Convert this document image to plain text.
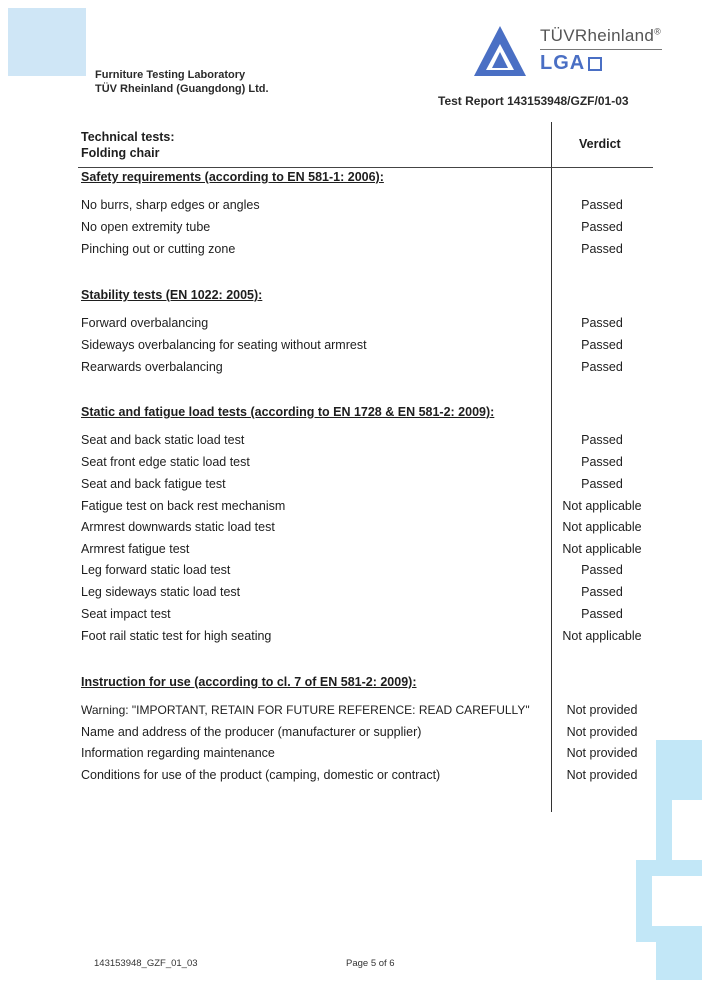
Furniture Testing Laboratory
TÜV Rheinland (Guangdong) Ltd.
TÜVRheinland®
LGA
Test Report 143153948/GZF/01-03
Technical tests:
Folding chair
Verdict
Safety requirements (according to EN 581-1: 2006):
No burrs, sharp edges or angles	Passed
No open extremity tube	Passed
Pinching out or cutting zone	Passed
Stability tests (EN 1022: 2005):
Forward overbalancing	Passed
Sideways overbalancing for seating without armrest	Passed
Rearwards overbalancing	Passed
Static and fatigue load tests (according to EN 1728 & EN 581-2: 2009):
Seat and back static load test	Passed
Seat front edge static load test	Passed
Seat and back fatigue test	Passed
Fatigue test on back rest mechanism	Not applicable
Armrest downwards static load test	Not applicable
Armrest fatigue test	Not applicable
Leg forward static load test	Passed
Leg sideways static load test	Passed
Seat impact test	Passed
Foot rail static test for high seating	Not applicable
Instruction for use (according to cl. 7 of EN 581-2: 2009):
Warning: "IMPORTANT, RETAIN FOR FUTURE REFERENCE: READ CAREFULLY"	Not provided
Name and address of the producer (manufacturer or supplier)	Not provided
Information regarding maintenance	Not provided
Conditions for use of the product (camping, domestic or contract)	Not provided
143153948_GZF_01_03	Page 5 of 6
